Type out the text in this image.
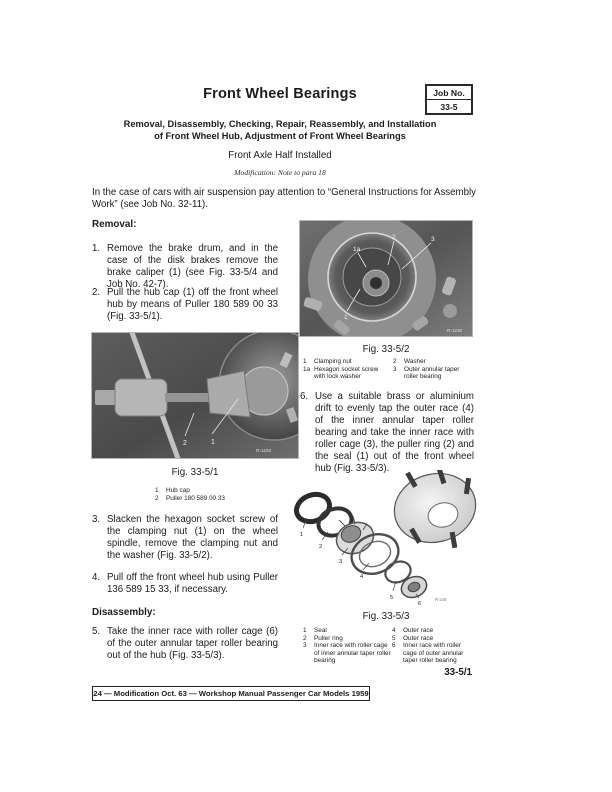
Front Wheel Bearings	Job No.
33-5
Removal, Disassembly, Checking, Repair, Reassembly, and Installation
of Front Wheel Hub, Adjustment of Front Wheel Bearings
Front Axle Half Installed
Modification: Note to para 18
In the case of cars with air suspension pay attention to “General Instructions for Assembly Work” (see Job No. 32-11).
Removal:
1. Remove the brake drum, and in the case of the disk brakes remove the brake caliper (1) (see Fig. 33-5/4 and Job No. 42-7).
2. Pull the hub cap (1) off the front wheel hub by means of Puller 180 589 00 33 (Fig. 33-5/1).
2	1
R-1233
Fig. 33-5/1
1	Hub cap
2	Puller 180 589 00 33
3. Slacken the hexagon socket screw of the clamping nut (1) on the wheel spindle, remove the clamping nut and the washer (Fig. 33-5/2).
4. Pull off the front wheel hub using Puller 136 589 15 33, if necessary.
Disassembly:
5. Take the inner race with roller cage (6) of the outer annular taper roller bearing out of the hub (Fig. 33-5/3).
1a
2	3
1
R-1230
Fig. 33-5/2
1	Clamping nut
1a Hexagon socket screw with lock washer
2	Washer
3	Outer annular taper roller bearing
6. Use a suitable brass or aluminium drift to evenly tap the outer race (4) of the inner annular taper roller bearing and take the inner race with roller cage (3), the puller ring (2) and the seal (1) out of the front wheel hub (Fig. 33-5/3).
1
2
3
4
5
6
R-246
Fig. 33-5/3
1	Seal
2	Puller ring
3	Inner race with roller cage of inner annular taper roller bearing
4	Outer race
5	Outer race
6	Inner race with roller cage of outer annular taper roller bearing
33-5/1
24 — Modification Oct. 63 — Workshop Manual Passenger Car Models 1959
